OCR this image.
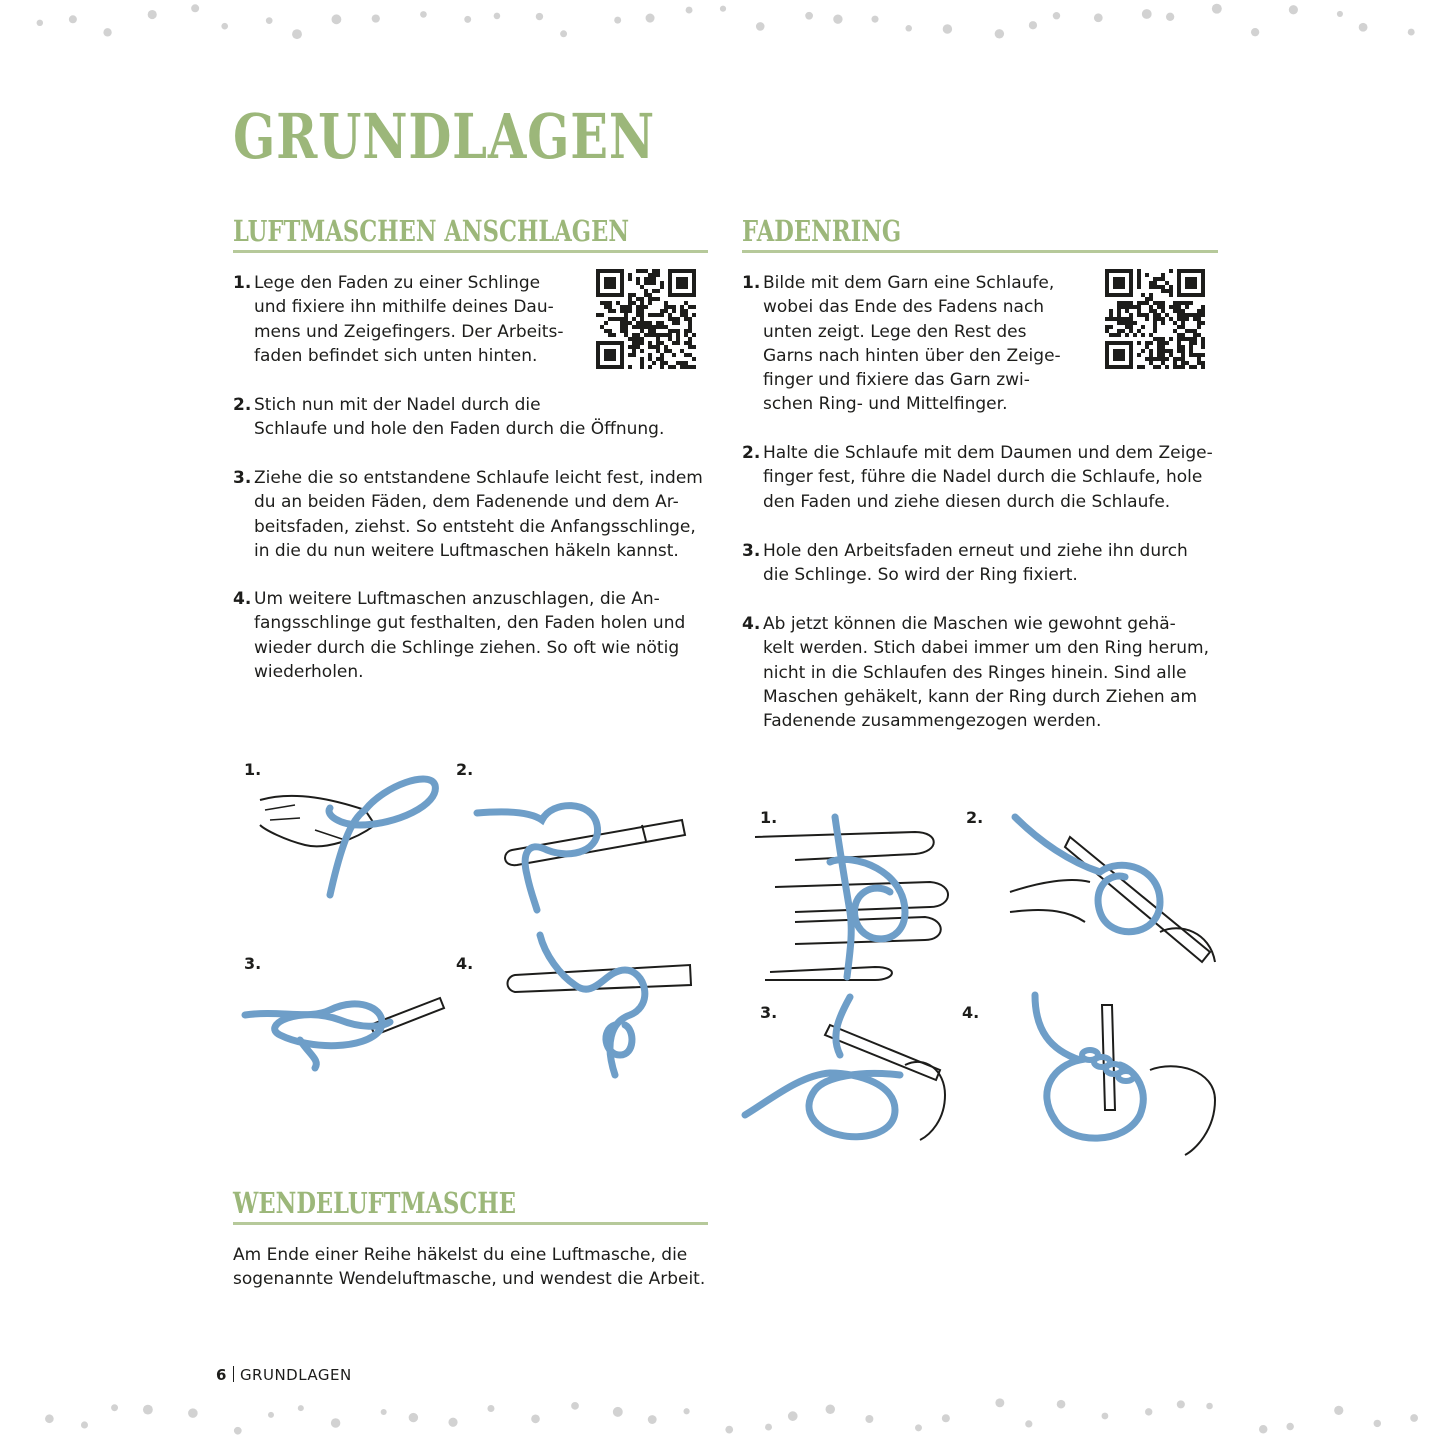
GRUNDLAGEN
LUFTMASCHEN ANSCHLAGEN
1. Lege den Faden zu einer Schlinge
und fixiere ihn mithilfe deines Dau-
mens und Zeigefingers. Der Arbeits-
faden befindet sich unten hinten.
2. Stich nun mit der Nadel durch die
Schlaufe und hole den Faden durch die Öffnung.
3. Ziehe die so entstandene Schlaufe leicht fest, indem
du an beiden Fäden, dem Fadenende und dem Ar-
beitsfaden, ziehst. So entsteht die Anfangsschlinge,
in die du nun weitere Luftmaschen häkeln kannst.
4. Um weitere Luftmaschen anzuschlagen, die An-
fangsschlinge gut festhalten, den Faden holen und
wieder durch die Schlinge ziehen. So oft wie nötig
wiederholen.
FADENRING
1. Bilde mit dem Garn eine Schlaufe,
wobei das Ende des Fadens nach
unten zeigt. Lege den Rest des
Garns nach hinten über den Zeige-
finger und fixiere das Garn zwi-
schen Ring- und Mittelfinger.
2. Halte die Schlaufe mit dem Daumen und dem Zeige-
finger fest, führe die Nadel durch die Schlaufe, hole
den Faden und ziehe diesen durch die Schlaufe.
3. Hole den Arbeitsfaden erneut und ziehe ihn durch
die Schlinge. So wird der Ring fixiert.
4. Ab jetzt können die Maschen wie gewohnt gehä-
kelt werden. Stich dabei immer um den Ring herum,
nicht in die Schlaufen des Ringes hinein. Sind alle
Maschen gehäkelt, kann der Ring durch Ziehen am
Fadenende zusammengezogen werden.
1.	2.
3.	4.
1.	2.
3.	4.
WENDELUFTMASCHE
Am Ende einer Reihe häkelst du eine Luftmasche, die
sogenannte Wendeluftmasche, und wendest die Arbeit.
6 GRUNDLAGEN
